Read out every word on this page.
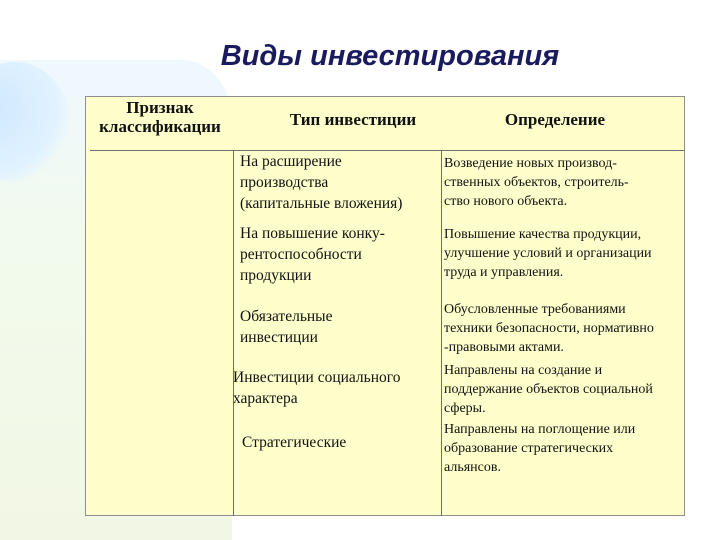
Виды инвестирования

Признак
классификации	Тип инвестиции	Определение

На расширение
производства
(капитальные вложения)

Возведение новых производ-
ственных объектов, строитель-
ство нового объекта.

На повышение конку-
рентоспособности
продукции

Повышение качества продукции,
улучшение условий и организации
труда и управления.

Обязательные
инвестиции

Обусловленные требованиями
техники безопасности, нормативно
-правовыми актами.

Инвестиции социального
характера

Направлены на создание и
поддержание объектов социальной
сферы.

Стратегические

Направлены на поглощение или
образование стратегических
альянсов.
